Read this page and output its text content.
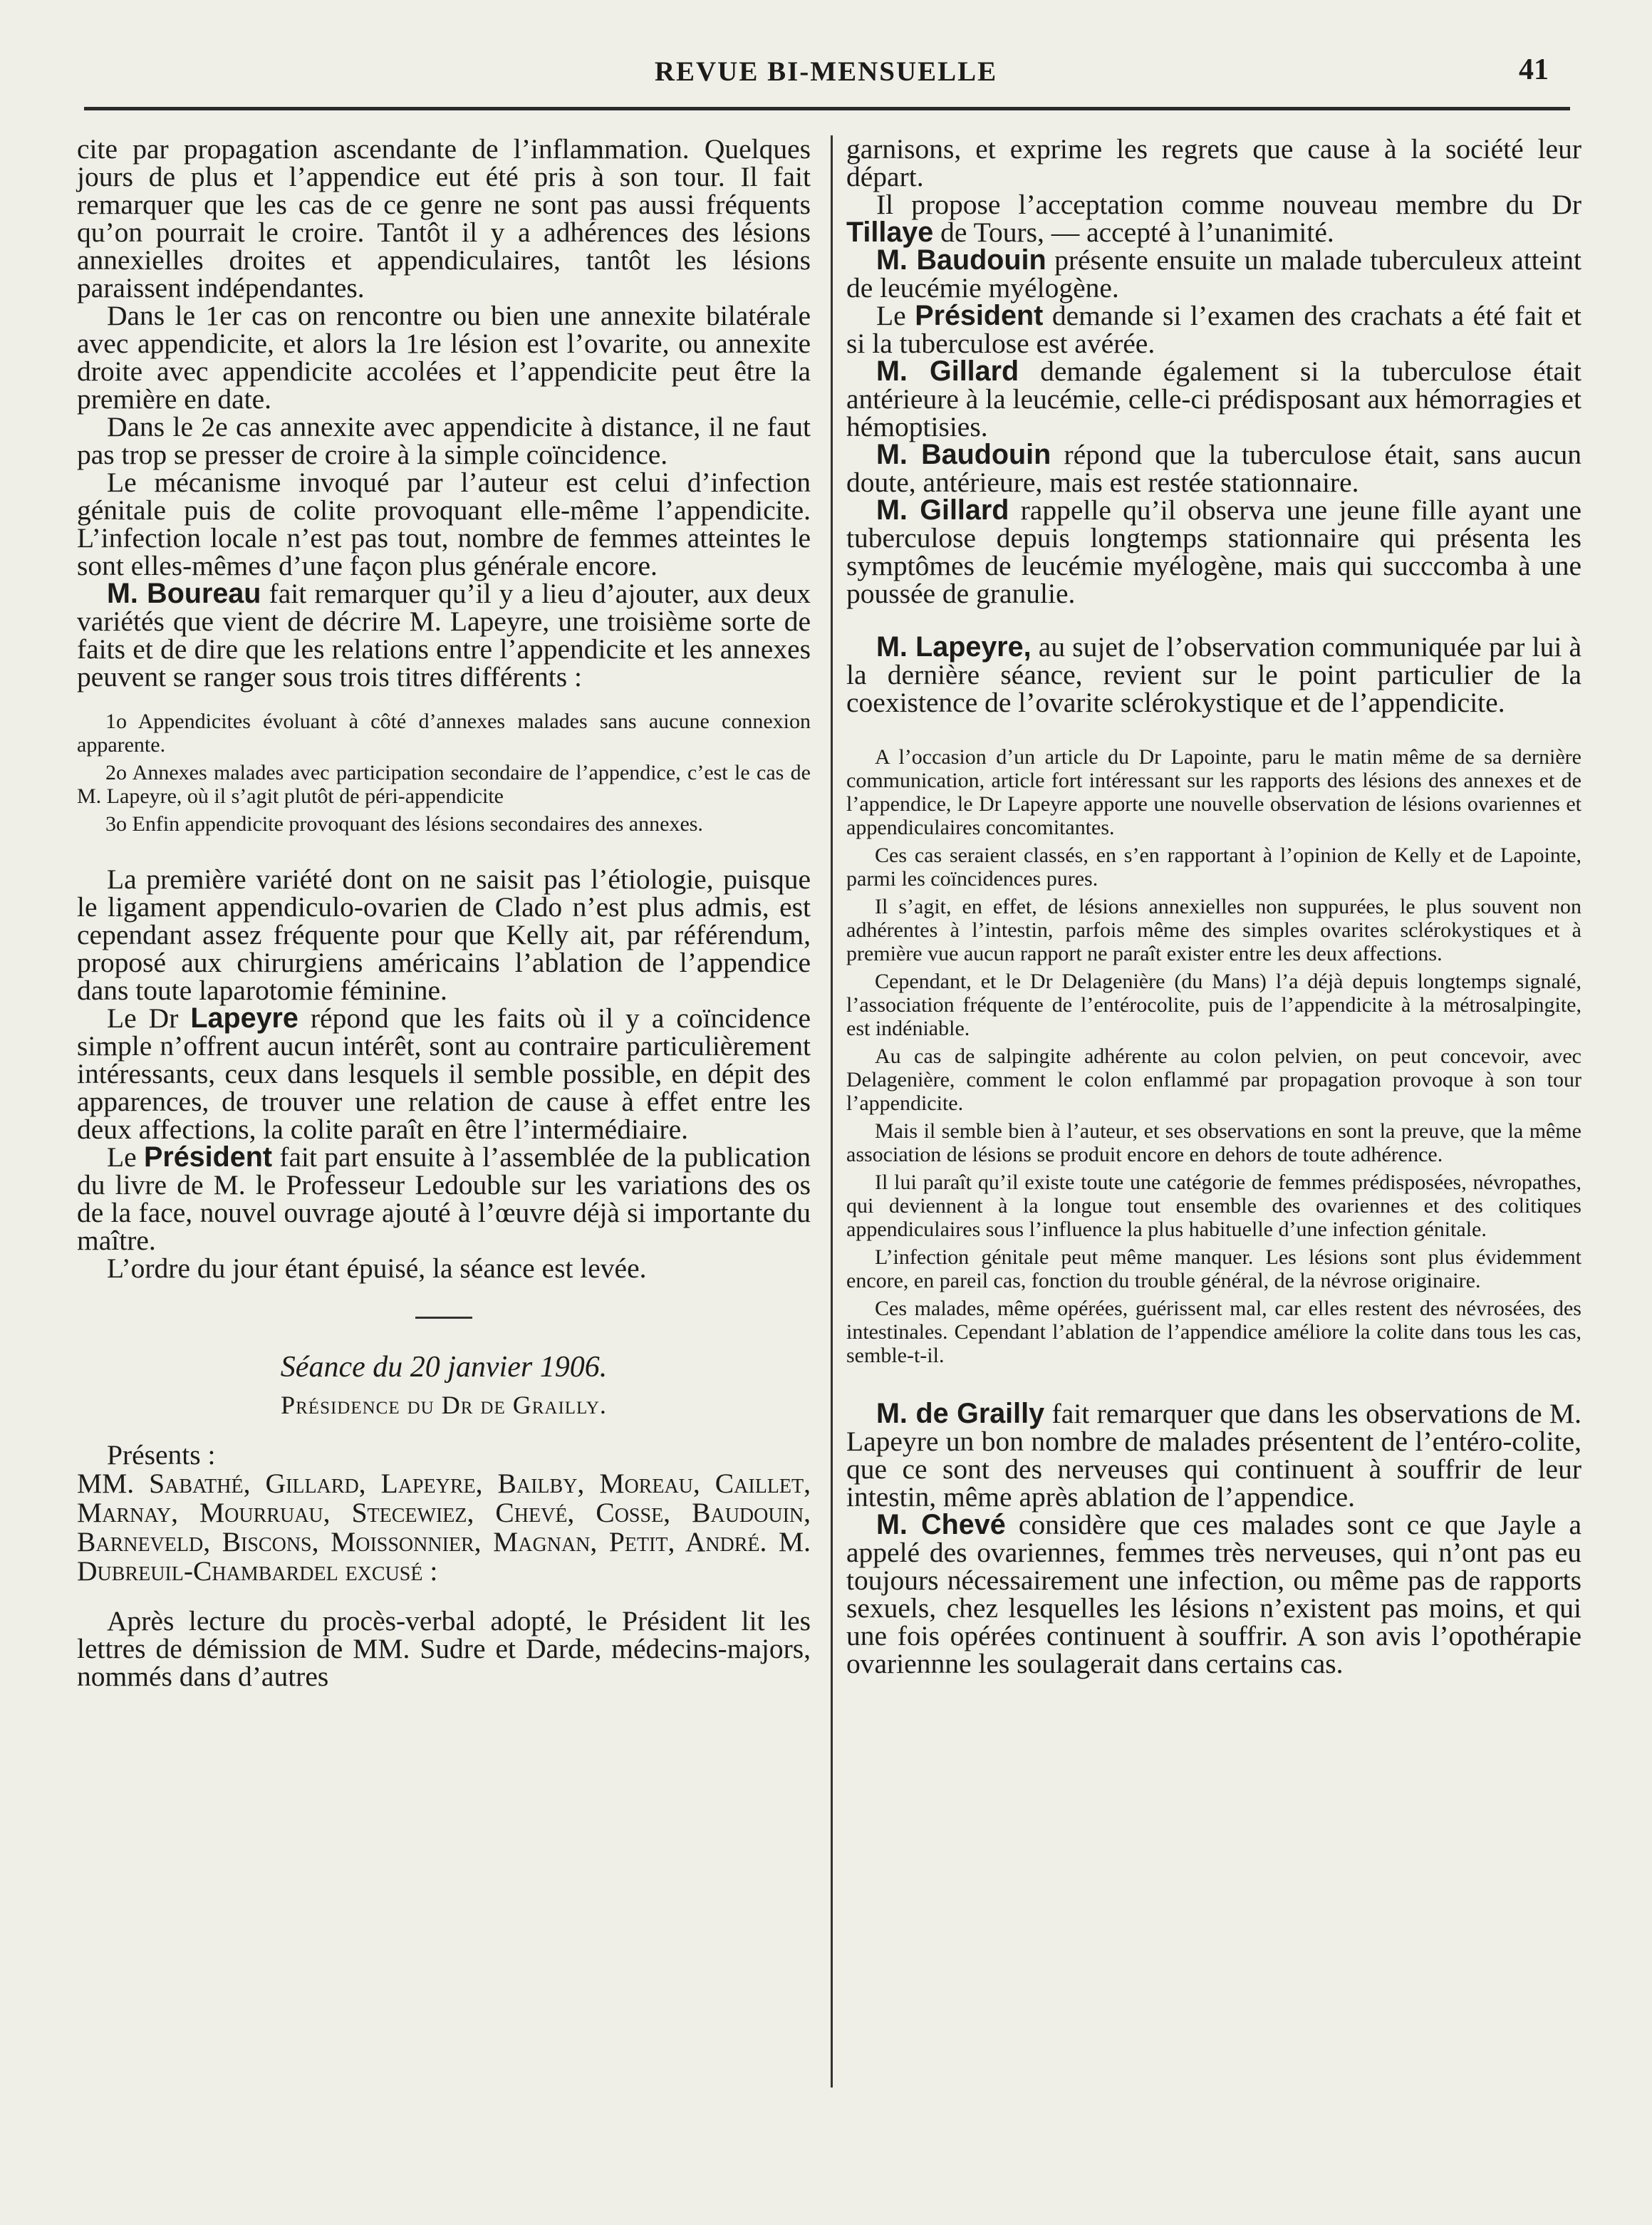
REVUE BI-MENSUELLE	41

cite par propagation ascendante de l’inflammation. Quelques jours de plus et l’appendice eut été pris à son tour. Il fait remarquer que les cas de ce genre ne sont pas aussi fréquents qu’on pourrait le croire. Tantôt il y a adhérences des lésions annexielles droites et appendiculaires, tantôt les lésions paraissent indépendantes.

Dans le 1er cas on rencontre ou bien une annexite bilatérale avec appendicite, et alors la 1re lésion est l’ovarite, ou annexite droite avec appendicite accolées et l’appendicite peut être la première en date.

Dans le 2e cas annexite avec appendicite à distance, il ne faut pas trop se presser de croire à la simple coïncidence.

Le mécanisme invoqué par l’auteur est celui d’infection génitale puis de colite provoquant elle-même l’appendicite. L’infection locale n’est pas tout, nombre de femmes atteintes le sont elles-mêmes d’une façon plus générale encore.

M. Boureau fait remarquer qu’il y a lieu d’ajouter, aux deux variétés que vient de décrire M. Lapeyre, une troisième sorte de faits et de dire que les relations entre l’appendicite et les annexes peuvent se ranger sous trois titres différents :

1o Appendicites évoluant à côté d’annexes malades sans aucune connexion apparente.

2o Annexes malades avec participation secondaire de l’appendice, c’est le cas de M. Lapeyre, où il s’agit plutôt de péri-appendicite

3o Enfin appendicite provoquant des lésions secondaires des annexes.

La première variété dont on ne saisit pas l’étiologie, puisque le ligament appendiculo-ovarien de Clado n’est plus admis, est cependant assez fréquente pour que Kelly ait, par référendum, proposé aux chirurgiens américains l’ablation de l’appendice dans toute laparotomie féminine.

Le Dr Lapeyre répond que les faits où il y a coïncidence simple n’offrent aucun intérêt, sont au contraire particulièrement intéressants, ceux dans lesquels il semble possible, en dépit des apparences, de trouver une relation de cause à effet entre les deux affections, la colite paraît en être l’intermédiaire.

Le Président fait part ensuite à l’assemblée de la publication du livre de M. le Professeur Ledouble sur les variations des os de la face, nouvel ouvrage ajouté à l’œuvre déjà si importante du maître.

L’ordre du jour étant épuisé, la séance est levée.

Séance du 20 janvier 1906.

Présidence du Dr de Grailly.

Présents :

MM. Sabathé, Gillard, Lapeyre, Bailby, Moreau, Caillet, Marnay, Mourruau, Stecewiez, Chevé, Cosse, Baudouin, Barneveld, Biscons, Moissonnier, Magnan, Petit, André. M. Dubreuil-Chambardel excusé :

Après lecture du procès-verbal adopté, le Président lit les lettres de démission de MM. Sudre et Darde, médecins-majors, nommés dans d’autres

garnisons, et exprime les regrets que cause à la société leur départ.

Il propose l’acceptation comme nouveau membre du Dr Tillaye de Tours, — accepté à l’unanimité.

M. Baudouin présente ensuite un malade tuberculeux atteint de leucémie myélogène.

Le Président demande si l’examen des crachats a été fait et si la tuberculose est avérée.

M. Gillard demande également si la tuberculose était antérieure à la leucémie, celle-ci prédisposant aux hémorragies et hémoptisies.

M. Baudouin répond que la tuberculose était, sans aucun doute, antérieure, mais est restée stationnaire.

M. Gillard rappelle qu’il observa une jeune fille ayant une tuberculose depuis longtemps stationnaire qui présenta les symptômes de leucémie myélogène, mais qui succcomba à une poussée de granulie.

M. Lapeyre, au sujet de l’observation communiquée par lui à la dernière séance, revient sur le point particulier de la coexistence de l’ovarite sclérokystique et de l’appendicite.

A l’occasion d’un article du Dr Lapointe, paru le matin même de sa dernière communication, article fort intéressant sur les rapports des lésions des annexes et de l’appendice, le Dr Lapeyre apporte une nouvelle observation de lésions ovariennes et appendiculaires concomitantes.

Ces cas seraient classés, en s’en rapportant à l’opinion de Kelly et de Lapointe, parmi les coïncidences pures.

Il s’agit, en effet, de lésions annexielles non suppurées, le plus souvent non adhérentes à l’intestin, parfois même des simples ovarites sclérokystiques et à première vue aucun rapport ne paraît exister entre les deux affections.

Cependant, et le Dr Delagenière (du Mans) l’a déjà depuis longtemps signalé, l’association fréquente de l’entérocolite, puis de l’appendicite à la métrosalpingite, est indéniable.

Au cas de salpingite adhérente au colon pelvien, on peut concevoir, avec Delagenière, comment le colon enflammé par propagation provoque à son tour l’appendicite.

Mais il semble bien à l’auteur, et ses observations en sont la preuve, que la même association de lésions se produit encore en dehors de toute adhérence.

Il lui paraît qu’il existe toute une catégorie de femmes prédisposées, névropathes, qui deviennent à la longue tout ensemble des ovariennes et des colitiques appendiculaires sous l’influence la plus habituelle d’une infection génitale.

L’infection génitale peut même manquer. Les lésions sont plus évidemment encore, en pareil cas, fonction du trouble général, de la névrose originaire.

Ces malades, même opérées, guérissent mal, car elles restent des névrosées, des intestinales. Cependant l’ablation de l’appendice améliore la colite dans tous les cas, semble-t-il.

M. de Grailly fait remarquer que dans les observations de M. Lapeyre un bon nombre de malades présentent de l’entéro-colite, que ce sont des nerveuses qui continuent à souffrir de leur intestin, même après ablation de l’appendice.

M. Chevé considère que ces malades sont ce que Jayle a appelé des ovariennes, femmes très nerveuses, qui n’ont pas eu toujours nécessairement une infection, ou même pas de rapports sexuels, chez lesquelles les lésions n’existent pas moins, et qui une fois opérées continuent à souffrir. A son avis l’opothérapie ovariennne les soulagerait dans certains cas.
